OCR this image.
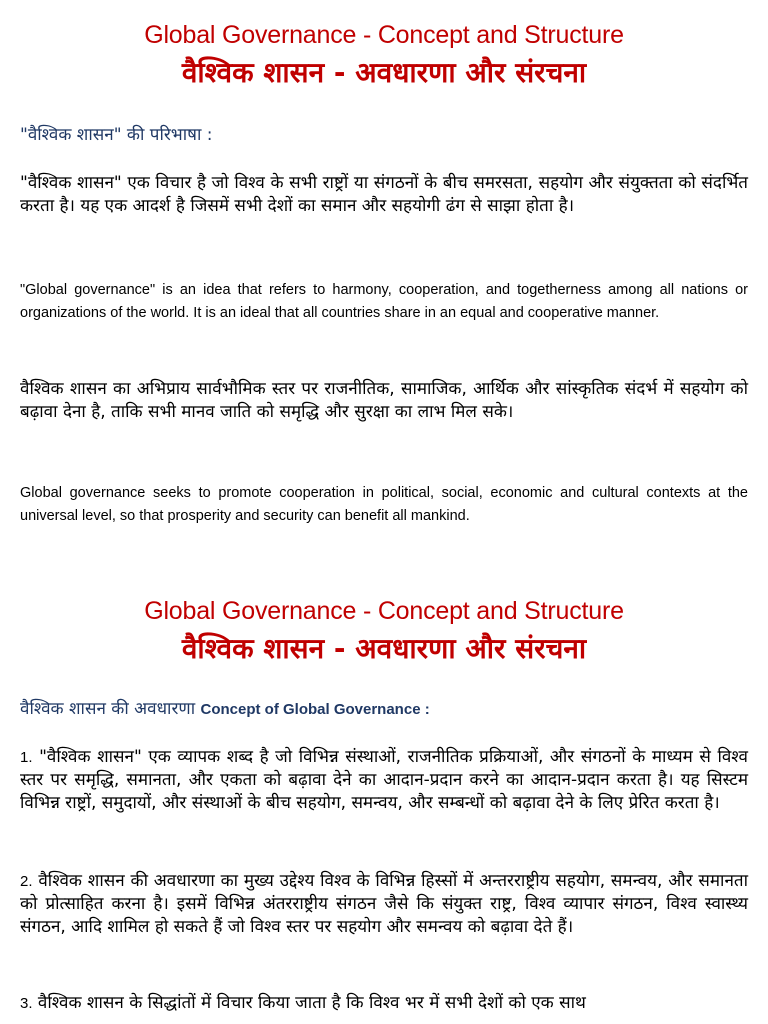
Global Governance - Concept and Structure
वैश्विक शासन - अवधारणा और संरचना
"वैश्विक शासन" की परिभाषा :
"वैश्विक शासन" एक विचार है जो विश्व के सभी राष्ट्रों या संगठनों के बीच समरसता, सहयोग और संयुक्तता को संदर्भित करता है। यह एक आदर्श है जिसमें सभी देशों का समान और सहयोगी ढंग से साझा होता है।
"Global governance" is an idea that refers to harmony, cooperation, and togetherness among all nations or organizations of the world. It is an ideal that all countries share in an equal and cooperative manner.
वैश्विक शासन का अभिप्राय सार्वभौमिक स्तर पर राजनीतिक, सामाजिक, आर्थिक और सांस्कृतिक संदर्भ में सहयोग को बढ़ावा देना है, ताकि सभी मानव जाति को समृद्धि और सुरक्षा का लाभ मिल सके।
Global governance seeks to promote cooperation in political, social, economic and cultural contexts at the universal level, so that prosperity and security can benefit all mankind.
Global Governance - Concept and Structure
वैश्विक शासन - अवधारणा और संरचना
वैश्विक शासन की अवधारणा Concept of Global Governance :
1. "वैश्विक शासन" एक व्यापक शब्द है जो विभिन्न संस्थाओं, राजनीतिक प्रक्रियाओं, और संगठनों के माध्यम से विश्व स्तर पर समृद्धि, समानता, और एकता को बढ़ावा देने का आदान-प्रदान करने का आदान-प्रदान करता है। यह सिस्टम विभिन्न राष्ट्रों, समुदायों, और संस्थाओं के बीच सहयोग, समन्वय, और सम्बन्धों को बढ़ावा देने के लिए प्रेरित करता है।
2. वैश्विक शासन की अवधारणा का मुख्य उद्देश्य विश्व के विभिन्न हिस्सों में अन्तरराष्ट्रीय सहयोग, समन्वय, और समानता को प्रोत्साहित करना है। इसमें विभिन्न अंतरराष्ट्रीय संगठन जैसे कि संयुक्त राष्ट्र, विश्व व्यापार संगठन, विश्व स्वास्थ्य संगठन, आदि शामिल हो सकते हैं जो विश्व स्तर पर सहयोग और समन्वय को बढ़ावा देते हैं।
3. वैश्विक शासन के सिद्धांतों में विचार किया जाता है कि विश्व भर में सभी देशों को एक साथ
